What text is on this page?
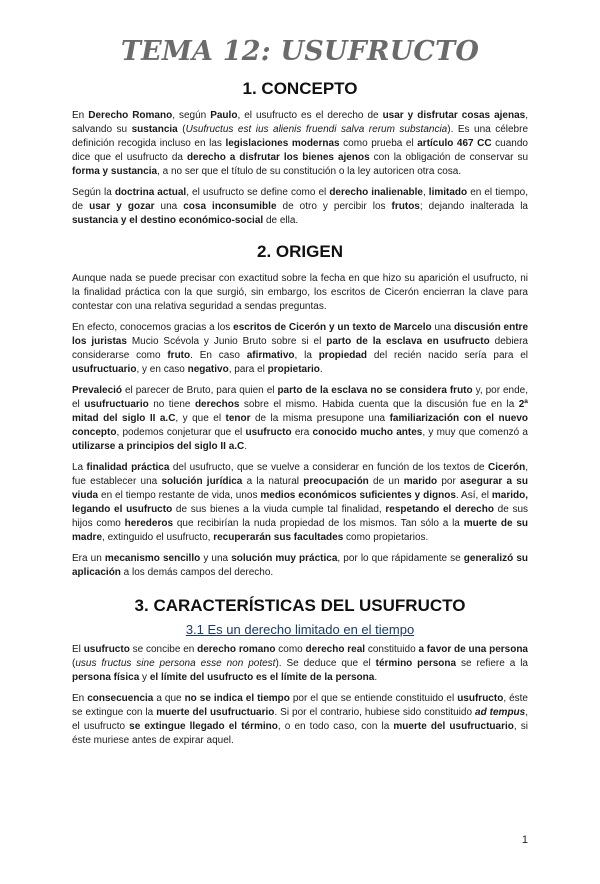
TEMA 12: USUFRUCTO
1. CONCEPTO

En Derecho Romano, según Paulo, el usufructo es el derecho de usar y disfrutar cosas ajenas, salvando su sustancia (Usufructus est ius alienis fruendi salva rerum substancia). Es una célebre definición recogida incluso en las legislaciones modernas como prueba el artículo 467 CC cuando dice que el usufructo da derecho a disfrutar los bienes ajenos con la obligación de conservar su forma y sustancia, a no ser que el título de su constitución o la ley autoricen otra cosa.

Según la doctrina actual, el usufructo se define como el derecho inalienable, limitado en el tiempo, de usar y gozar una cosa inconsumible de otro y percibir los frutos; dejando inalterada la sustancia y el destino económico-social de ella.

2. ORIGEN

Aunque nada se puede precisar con exactitud sobre la fecha en que hizo su aparición el usufructo, ni la finalidad práctica con la que surgió, sin embargo, los escritos de Cicerón encierran la clave para contestar con una relativa seguridad a sendas preguntas.

En efecto, conocemos gracias a los escritos de Cicerón y un texto de Marcelo una discusión entre los juristas Mucio Scévola y Junio Bruto sobre si el parto de la esclava en usufructo debiera considerarse como fruto. En caso afirmativo, la propiedad del recién nacido sería para el usufructuario, y en caso negativo, para el propietario.

Prevaleció el parecer de Bruto, para quien el parto de la esclava no se considera fruto y, por ende, el usufructuario no tiene derechos sobre el mismo. Habida cuenta que la discusión fue en la 2ª mitad del siglo II a.C, y que el tenor de la misma presupone una familiarización con el nuevo concepto, podemos conjeturar que el usufructo era conocido mucho antes, y muy que comenzó a utilizarse a principios del siglo II a.C.

La finalidad práctica del usufructo, que se vuelve a considerar en función de los textos de Cicerón, fue establecer una solución jurídica a la natural preocupación de un marido por asegurar a su viuda en el tiempo restante de vida, unos medios económicos suficientes y dignos. Así, el marido, legando el usufructo de sus bienes a la viuda cumple tal finalidad, respetando el derecho de sus hijos como herederos que recibirían la nuda propiedad de los mismos. Tan sólo a la muerte de su madre, extinguido el usufructo, recuperarán sus facultades como propietarios.

Era un mecanismo sencillo y una solución muy práctica, por lo que rápidamente se generalizó su aplicación a los demás campos del derecho.

3. CARACTERÍSTICAS DEL USUFRUCTO
3.1 Es un derecho limitado en el tiempo

El usufructo se concibe en derecho romano como derecho real constituido a favor de una persona (usus fructus sine persona esse non potest). Se deduce que el término persona se refiere a la persona física y el límite del usufructo es el límite de la persona.

En consecuencia a que no se indica el tiempo por el que se entiende constituido el usufructo, éste se extingue con la muerte del usufructuario. Si por el contrario, hubiese sido constituido ad tempus, el usufructo se extingue llegado el término, o en todo caso, con la muerte del usufructuario, si éste muriese antes de expirar aquel.

1
